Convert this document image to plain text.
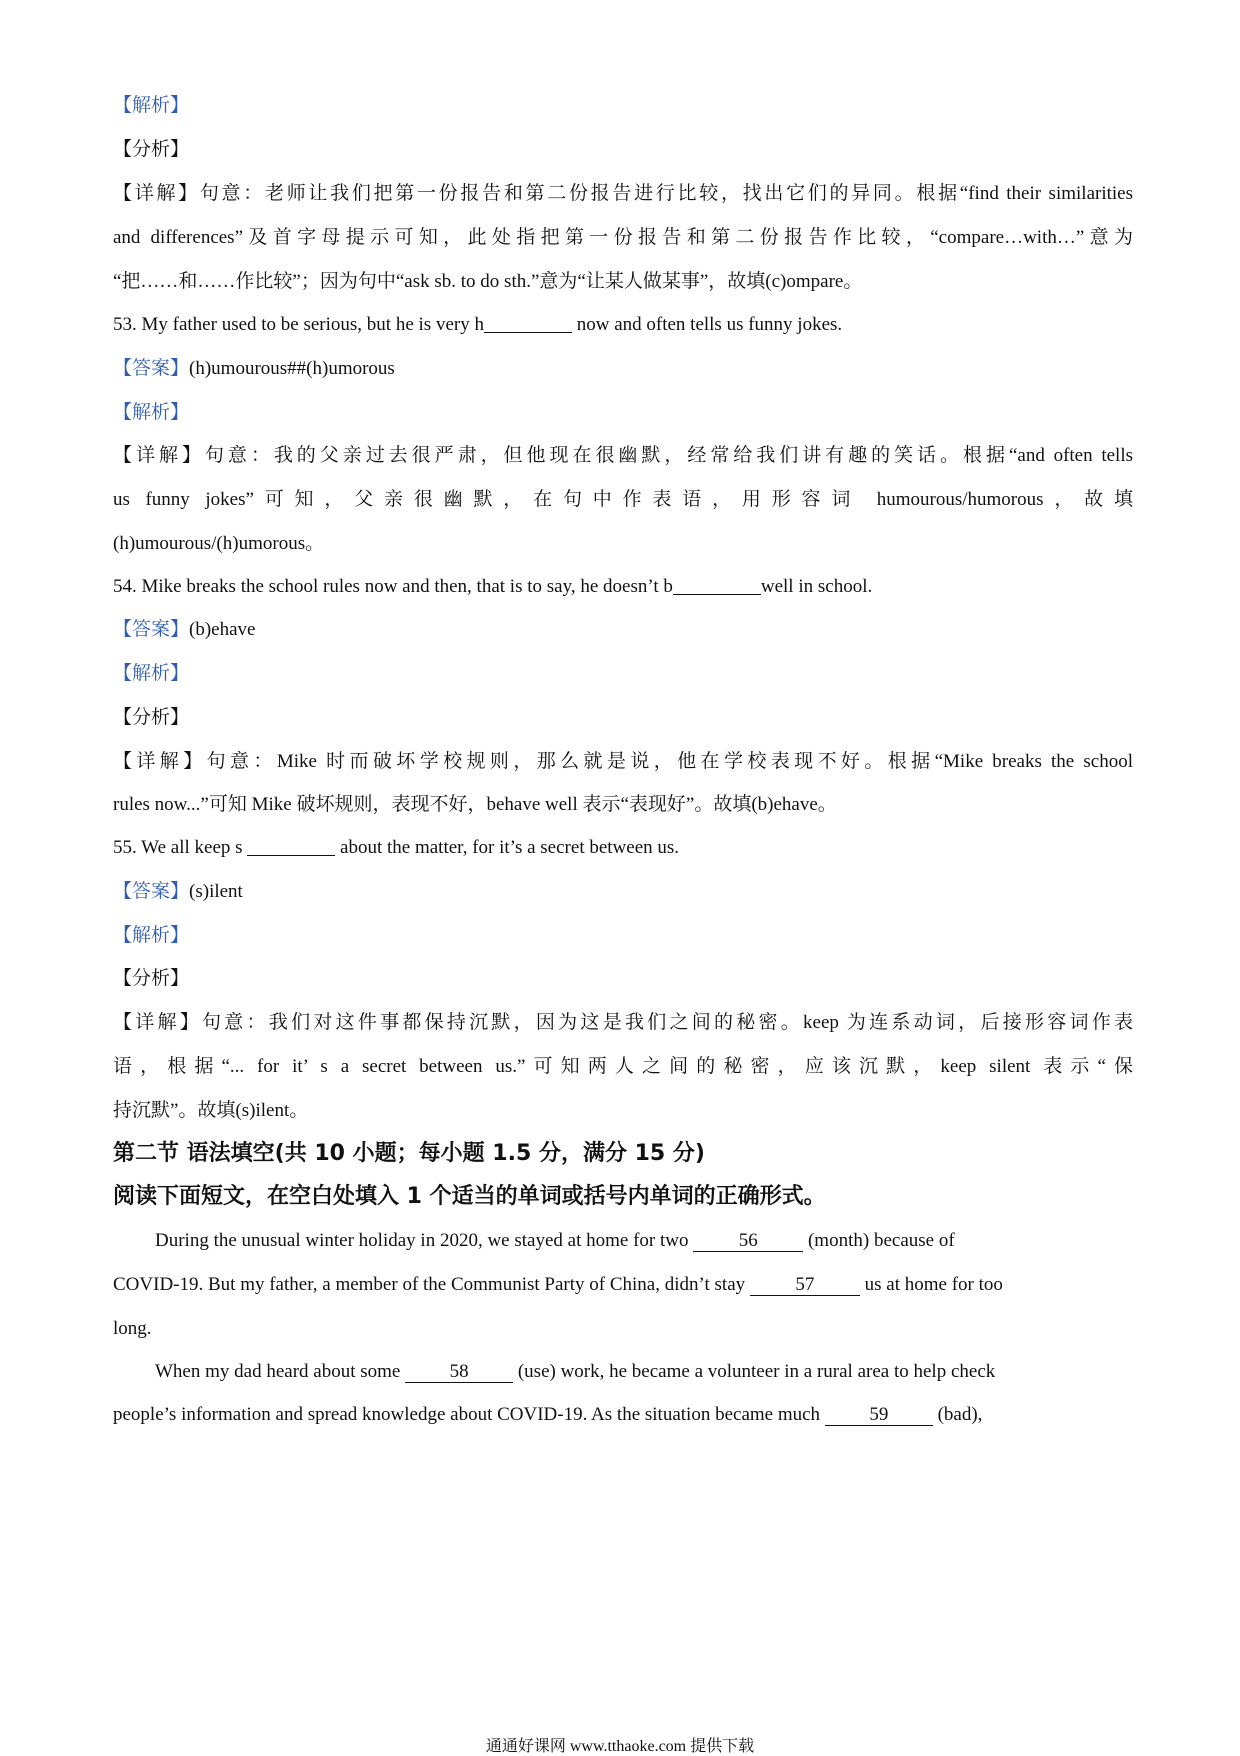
【解析】
【分析】
【详解】句意：老师让我们把第一份报告和第二份报告进行比较，找出它们的异同。根据“find their similarities
and differences”及首字母提示可知，此处指把第一份报告和第二份报告作比较，“compare…with…”意为
“把……和……作比较”；因为句中“ask sb. to do sth.”意为“让某人做某事”，故填(c)ompare。
53. My father used to be serious, but he is very h	now and often tells us funny jokes.
【答案】(h)umourous##(h)umorous
【解析】
【详解】句意：我的父亲过去很严肃，但他现在很幽默，经常给我们讲有趣的笑话。根据“and often tells
us funny jokes”可知，父亲很幽默，在句中作表语，用形容词 humourous/humorous，故填
(h)umourous/(h)umorous。
54. Mike breaks the school rules now and then, that is to say, he doesn’t b	well in school.
【答案】(b)ehave
【解析】
【分析】
【详解】句意：Mike 时而破坏学校规则，那么就是说，他在学校表现不好。根据“Mike breaks the school
rules now...”可知 Mike 破坏规则，表现不好，behave well 表示“表现好”。故填(b)ehave。
55. We all keep s	about the matter, for it’s a secret between us.
【答案】(s)ilent
【解析】
【分析】
【详解】句意：我们对这件事都保持沉默，因为这是我们之间的秘密。keep 为连系动词，后接形容词作表
语，根据“... for it’ s a secret between us.”可知两人之间的秘密，应该沉默，keep silent 表示“保
持沉默”。故填(s)ilent。
第二节 语法填空(共 10 小题；每小题 1.5 分，满分 15 分)
阅读下面短文，在空白处填入 1 个适当的单词或括号内单词的正确形式。
During the unusual winter holiday in 2020, we stayed at home for two 56 (month) because of
COVID-19. But my father, a member of the Communist Party of China, didn’t stay 57 us at home for too
long.
When my dad heard about some 58 (use) work, he became a volunteer in a rural area to help check
people’s information and spread knowledge about COVID-19. As the situation became much 59 (bad),
通通好课网 www.tthaoke.com 提供下载
